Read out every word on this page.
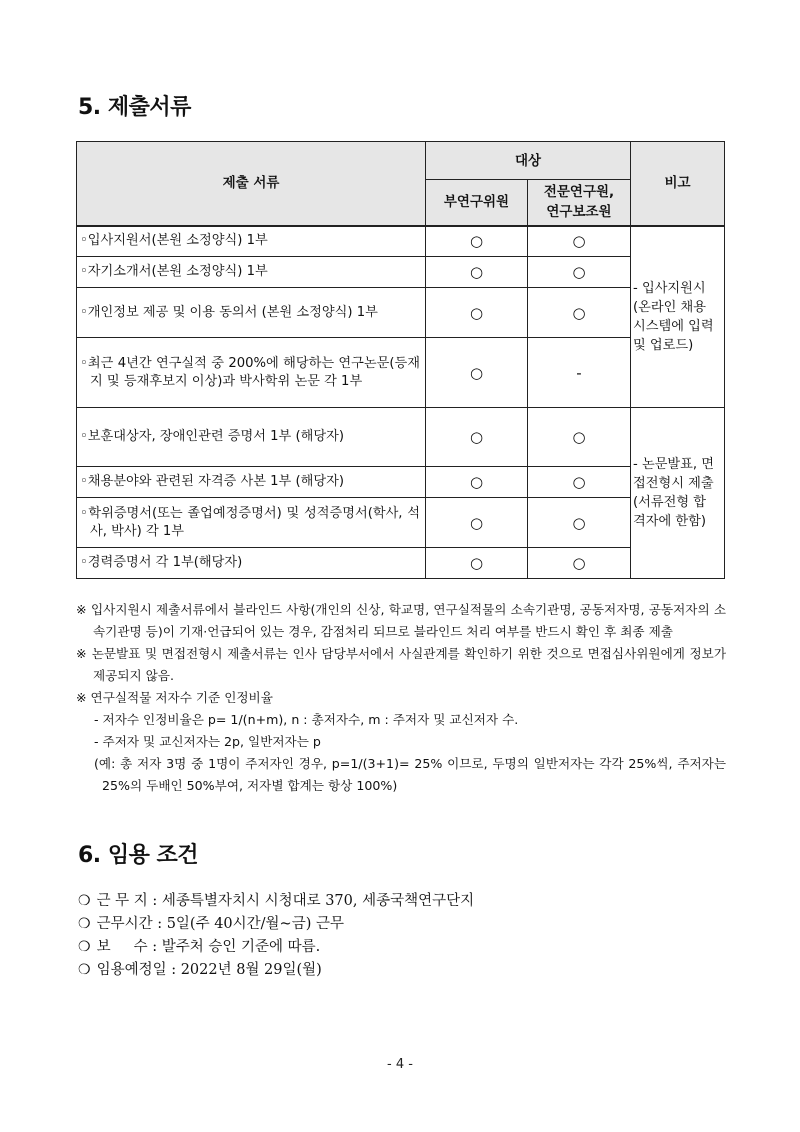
5. 제출서류
제출 서류	대상		비고
	부연구위원	전문연구원,
연구보조원	

◦입사지원서(본원 소정양식) 1부	○	○	- 입사지원시 (온라인 채용시스템에 입력 및 업로드)

◦자기소개서(본원 소정양식) 1부	○	○	

◦개인정보 제공 및 이용 동의서 (본원 소정양식) 1부	○	○	

◦최근 4년간 연구실적 중 200%에 해당하는 연구논문(등재지 및 등재후보지 이상)과 박사학위 논문 각 1부	○	-	

◦보훈대상자, 장애인관련 증명서 1부 (해당자)	○	○	- 논문발표, 면접전형시 제출 (서류전형 합격자에 한함)

◦채용분야와 관련된 자격증 사본 1부 (해당자)	○	○	

◦학위증명서(또는 졸업예정증명서) 및 성적증명서(학사, 석사, 박사) 각 1부	○	○	

◦경력증명서 각 1부(해당자)	○	○	

※ 입사지원시 제출서류에서 블라인드 사항(개인의 신상, 학교명, 연구실적물의 소속기관명, 공동저자명, 공동저자의 소속기관명 등)이 기재·언급되어 있는 경우, 감점처리 되므로 블라인드 처리 여부를 반드시 확인 후 최종 제출

※ 논문발표 및 면접전형시 제출서류는 인사 담당부서에서 사실관계를 확인하기 위한 것으로 면접심사위원에게 정보가 제공되지 않음.

※ 연구실적물 저자수 기준 인정비율

- 저자수 인정비율은 p= 1/(n+m), n : 총저자수, m : 주저자 및 교신저자 수.

- 주저자 및 교신저자는 2p, 일반저자는 p

(예: 총 저자 3명 중 1명이 주저자인 경우, p=1/(3+1)= 25% 이므로, 두명의 일반저자는 각각 25%씩, 주저자는 25%의 두배인 50%부여, 저자별 합계는 항상 100%)

6. 임용 조건
❍ 근 무 지 : 세종특별자치시 시청대로 370, 세종국책연구단지
❍ 근무시간 : 5일(주 40시간/월~금) 근무
❍ 보     수 : 발주처 승인 기준에 따름.
❍ 임용예정일 : 2022년 8월 29일(월)
- 4 -
